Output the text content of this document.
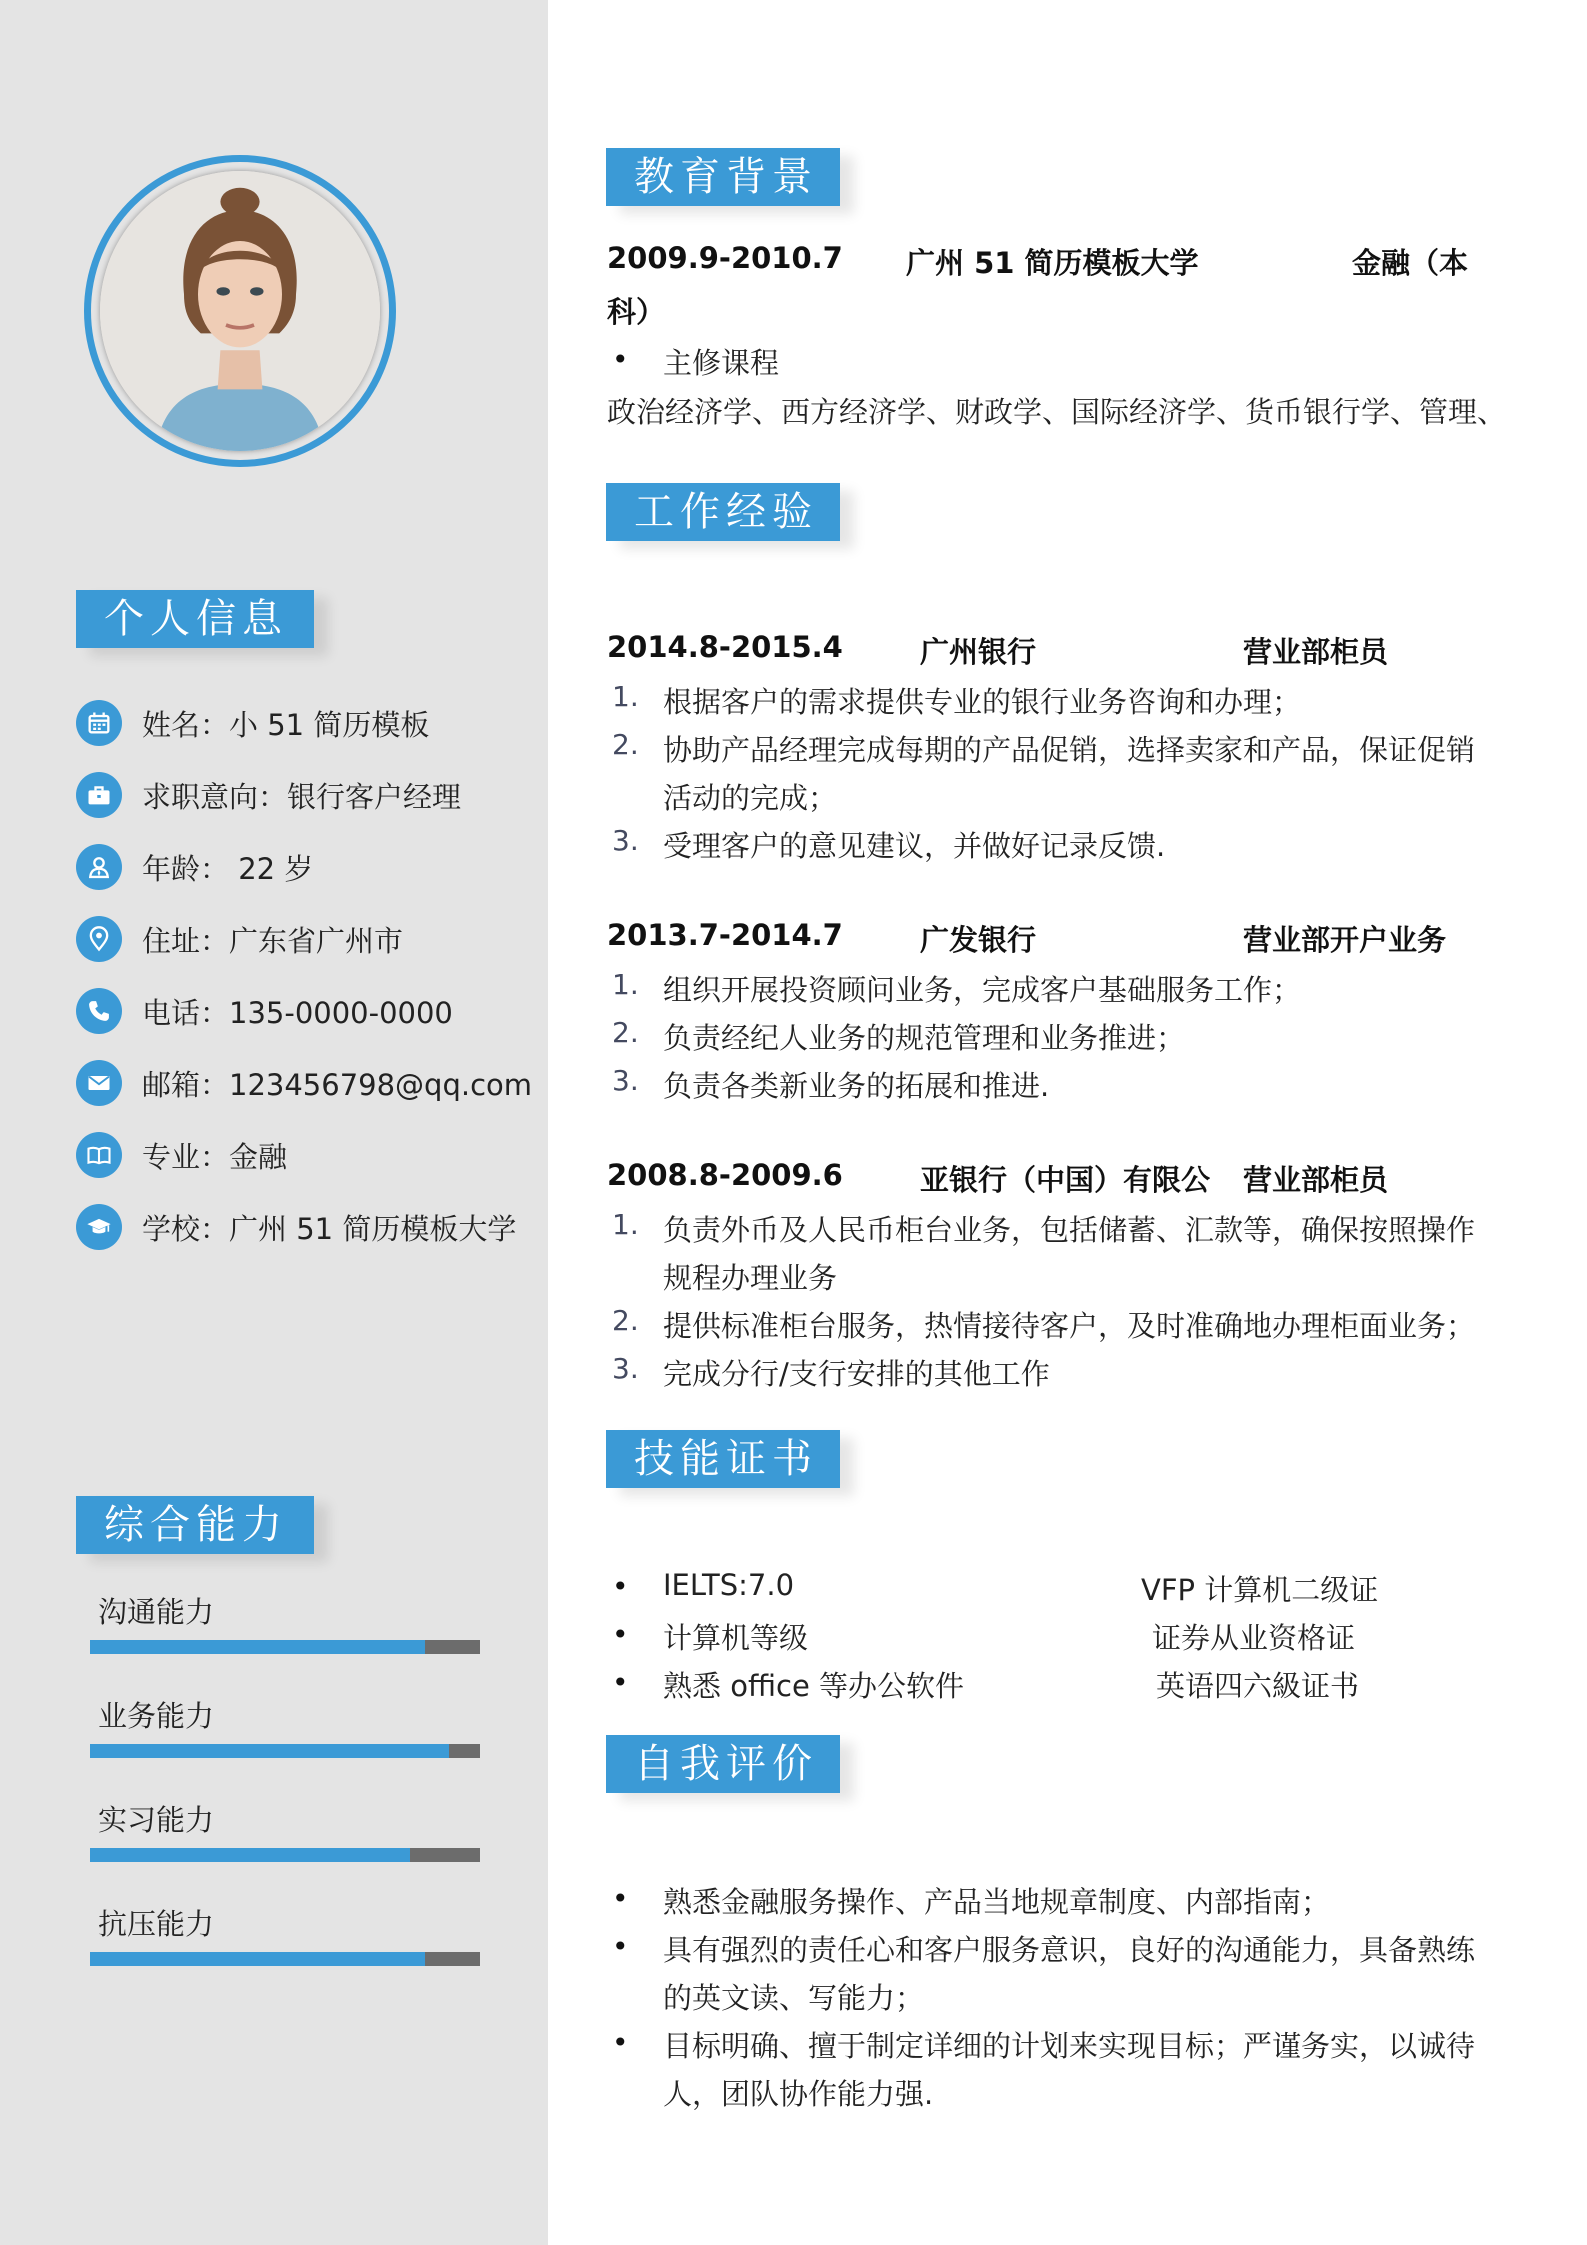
个人信息
姓名：小 51 简历模板
求职意向：银行客户经理
年龄： 22 岁
住址：广东省广州市
电话：135-0000-0000
邮箱：123456798@qq.com
专业：金融
学校：广州 51 简历模板大学
综合能力
沟通能力
业务能力
实习能力
抗压能力
教育背景
2009.9-2010.7 广州 51 简历模板大学	金融（本
科）
• 主修课程
政治经济学、西方经济学、财政学、国际经济学、货币银行学、管理、
工作经验
2014.8-2015.4	广州银行	营业部柜员
1. 根据客户的需求提供专业的银行业务咨询和办理；
2. 协助产品经理完成每期的产品促销，选择卖家和产品，保证促销
活动的完成；
3. 受理客户的意见建议，并做好记录反馈.
2013.7-2014.7	广发银行	营业部开户业务
1. 组织开展投资顾问业务，完成客户基础服务工作；
2. 负责经纪人业务的规范管理和业务推进；
3. 负责各类新业务的拓展和推进.
2008.8-2009.6	亚银行（中国）有限公 营业部柜员
1. 负责外币及人民币柜台业务，包括储蓄、汇款等，确保按照操作
规程办理业务
2. 提供标准柜台服务，热情接待客户，及时准确地办理柜面业务；
3. 完成分行/支行安排的其他工作
技能证书
• IELTS:7.0	VFP 计算机二级证
• 计算机等级	证券从业资格证
• 熟悉 office 等办公软件	英语四六級证书
自我评价
• 熟悉金融服务操作、产品当地规章制度、内部指南；
• 具有强烈的责任心和客户服务意识，良好的沟通能力，具备熟练
的英文读、写能力；
• 目标明确、擅于制定详细的计划来实现目标；严谨务实，以诚待
人，团队协作能力强.
